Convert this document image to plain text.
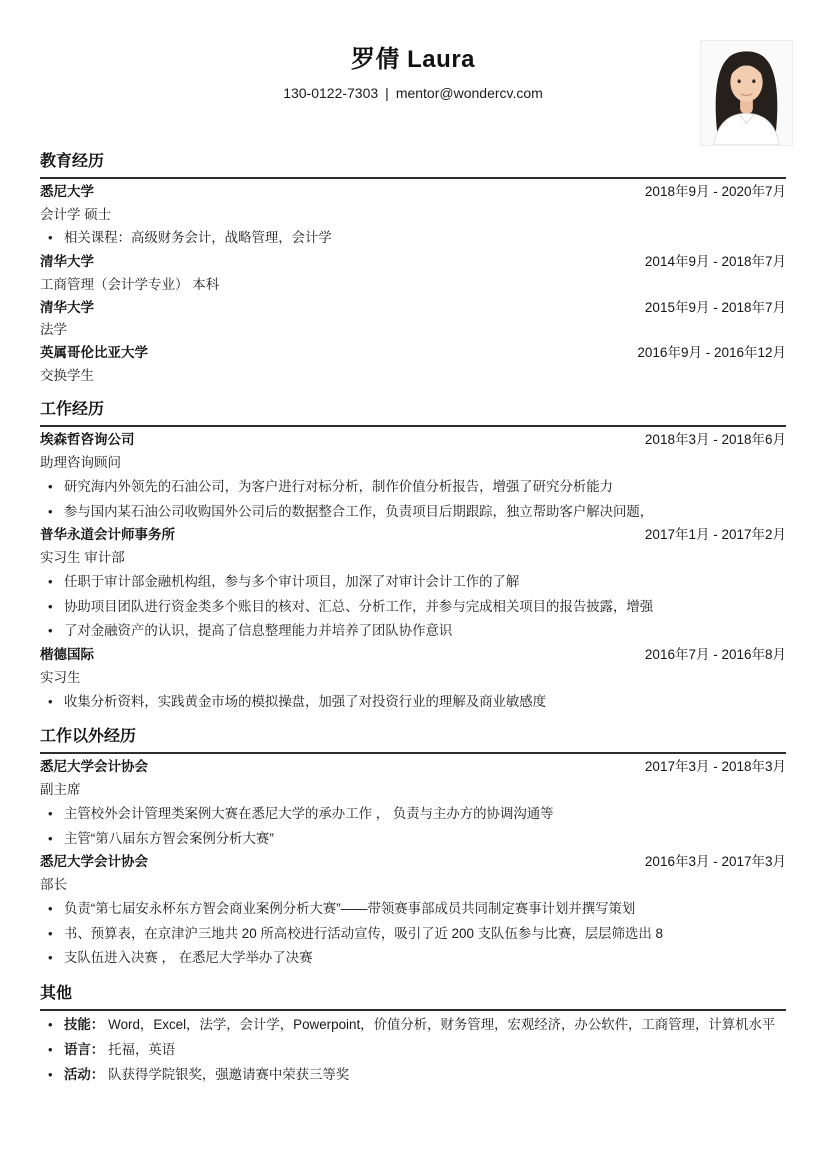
罗倩 Laura
130-0122-7303 | mentor@wondercv.com
教育经历
悉尼大学	2018年9月 - 2020年7月
会计学 硕士
• 相关课程：高级财务会计，战略管理，会计学
清华大学	2014年9月 - 2018年7月
工商管理（会计学专业） 本科
清华大学	2015年9月 - 2018年7月
法学
英属哥伦比亚大学	2016年9月 - 2016年12月
交换学生
工作经历
埃森哲咨询公司	2018年3月 - 2018年6月
助理咨询顾问
• 研究海内外领先的石油公司，为客户进行对标分析，制作价值分析报告，增强了研究分析能力
• 参与国内某石油公司收购国外公司后的数据整合工作，负责项目后期跟踪，独立帮助客户解决问题，
普华永道会计师事务所	2017年1月 - 2017年2月
实习生 审计部
• 任职于审计部金融机构组，参与多个审计项目，加深了对审计会计工作的了解
• 协助项目团队进行资金类多个账目的核对、汇总、分析工作，并参与完成相关项目的报告披露，增强
• 了对金融资产的认识，提高了信息整理能力并培养了团队协作意识
楷德国际	2016年7月 - 2016年8月
实习生
• 收集分析资料，实践黄金市场的模拟操盘，加强了对投资行业的理解及商业敏感度
工作以外经历
悉尼大学会计协会	2017年3月 - 2018年3月
副主席
• 主管校外会计管理类案例大赛在悉尼大学的承办工作 ， 负责与主办方的协调沟通等
• 主管“第八届东方智会案例分析大赛”
悉尼大学会计协会	2016年3月 - 2017年3月
部长
• 负责“第七届安永杯东方智会商业案例分析大赛”——带领赛事部成员共同制定赛事计划并撰写策划
• 书、预算表，在京津沪三地共 20 所高校进行活动宣传，吸引了近 200 支队伍参与比赛，层层筛选出 8
• 支队伍进入决赛 ， 在悉尼大学举办了决赛
其他
• 技能： Word，Excel，法学，会计学，Powerpoint，价值分析，财务管理，宏观经济，办公软件，工商管理，计算机水平
• 语言： 托福，英语
• 活动： 队获得学院银奖，强邀请赛中荣获三等奖
